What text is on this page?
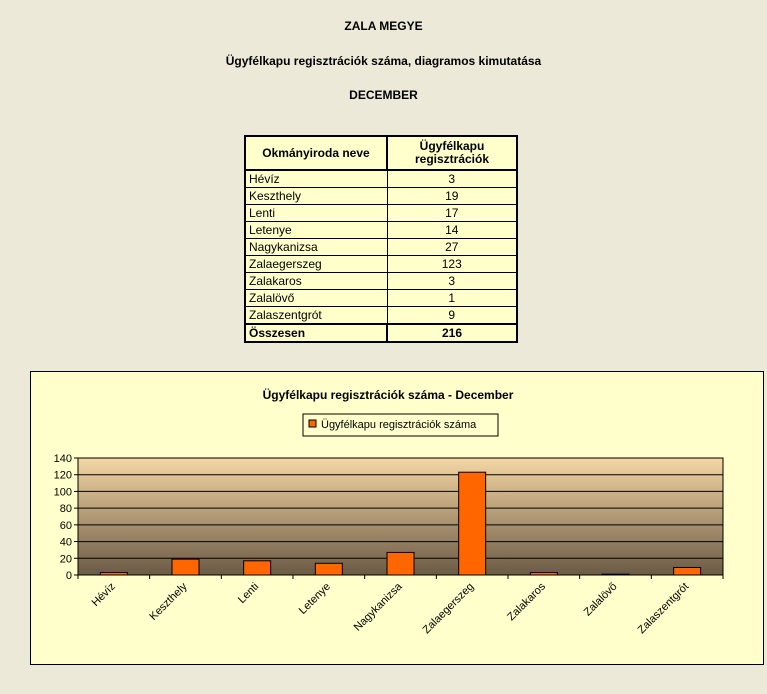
ZALA MEGYE
Ügyfélkapu regisztrációk száma, diagramos kimutatása
DECEMBER
Okmányiroda neve	Ügyfélkapu regisztrációk
Hévíz	3
Keszthely	19
Lenti	17
Letenye	14
Nagykanizsa	27
Zalaegerszeg	123
Zalakaros	3
Zalalövő	1
Zalaszentgrót	9
Összesen	216
Ügyfélkapu regisztrációk száma - December
Ügyfélkapu regisztrációk száma
0
20
40
60
80
100
120
140
Hévíz	Keszthely	Lenti	Letenye Nagykanizsa Zalaegerszeg	Zalakaros	Zalalövő Zalaszentgrót
